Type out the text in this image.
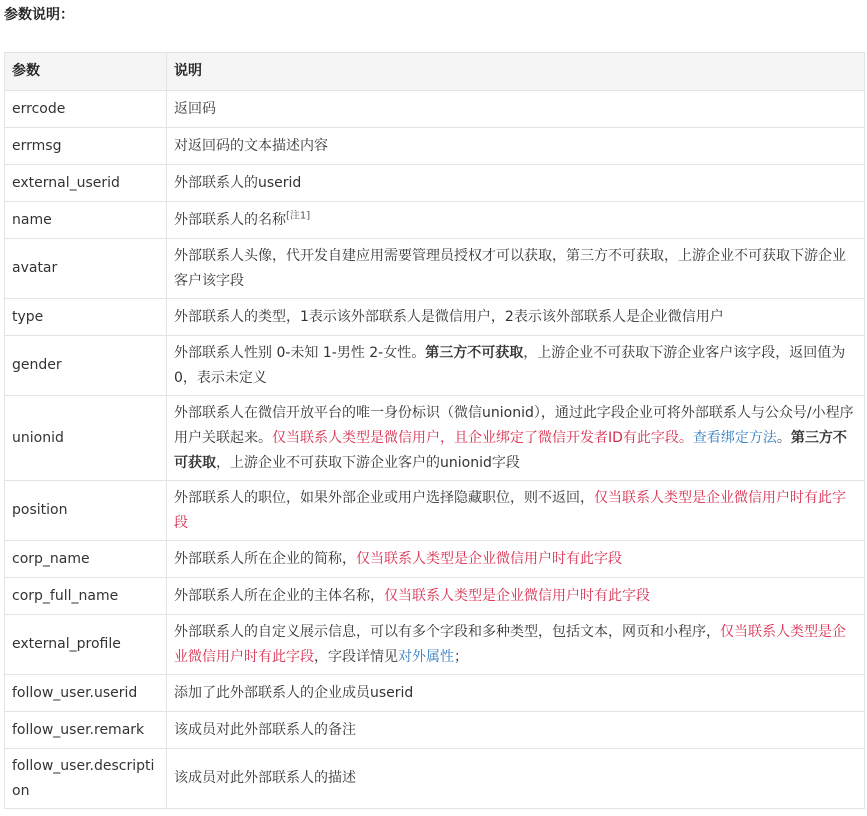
参数说明：
参数	说明
errcode	返回码
errmsg	对返回码的文本描述内容
external_userid	外部联系人的userid
name	外部联系人的名称[注1]
avatar	外部联系人头像，代开发自建应用需要管理员授权才可以获取，第三方不可获取，上游企业不可获取下游企业客户该字段
type	外部联系人的类型，1表示该外部联系人是微信用户，2表示该外部联系人是企业微信用户
gender	外部联系人性别 0-未知 1-男性 2-女性。第三方不可获取，上游企业不可获取下游企业客户该字段，返回值为0，表示未定义
unionid	外部联系人在微信开放平台的唯一身份标识（微信unionid），通过此字段企业可将外部联系人与公众号/小程序用户关联起来。仅当联系人类型是微信用户，且企业绑定了微信开发者ID有此字段。查看绑定方法。第三方不可获取，上游企业不可获取下游企业客户的unionid字段
position	外部联系人的职位，如果外部企业或用户选择隐藏职位，则不返回，仅当联系人类型是企业微信用户时有此字段
corp_name	外部联系人所在企业的简称，仅当联系人类型是企业微信用户时有此字段
corp_full_name	外部联系人所在企业的主体名称，仅当联系人类型是企业微信用户时有此字段
external_profile	外部联系人的自定义展示信息，可以有多个字段和多种类型，包括文本，网页和小程序，仅当联系人类型是企业微信用户时有此字段，字段详情见对外属性；
follow_user.userid	添加了此外部联系人的企业成员userid
follow_user.remark	该成员对此外部联系人的备注
follow_user.description	该成员对此外部联系人的描述
